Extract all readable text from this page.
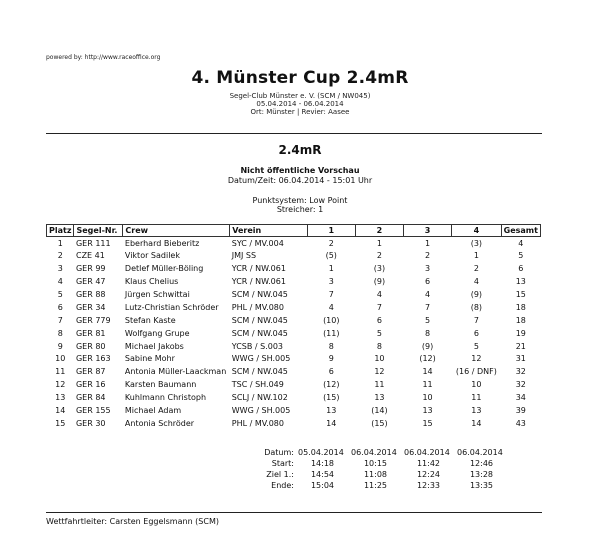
powered by: http://www.raceoffice.org
4. Münster Cup 2.4mR
Segel-Club Münster e. V. (SCM / NW045)
05.04.2014 - 06.04.2014
Ort: Münster | Revier: Aasee
2.4mR
Nicht öffentliche Vorschau
Datum/Zeit: 06.04.2014 - 15:01 Uhr
Punktsystem: Low Point
Streicher: 1
Platz	Segel-Nr.	Crew	Verein	1	2	3	4	Gesamt
1	GER 111	Eberhard Bieberitz	SYC / MV.004	2	1	1	(3)	4
2	CZE 41	Viktor Sadilek	JMJ SS	(5)	2	2	1	5
3	GER 99	Detlef Müller-Böling	YCR / NW.061	1	(3)	3	2	6
4	GER 47	Klaus Chelius	YCR / NW.061	3	(9)	6	4	13
5	GER 88	Jürgen Schwittai	SCM / NW.045	7	4	4	(9)	15
6	GER 34	Lutz-Christian Schröder	PHL / MV.080	4	7	7	(8)	18
7	GER 779	Stefan Kaste	SCM / NW.045	(10)	6	5	7	18
8	GER 81	Wolfgang Grupe	SCM / NW.045	(11)	5	8	6	19
9	GER 80	Michael Jakobs	YCSB / S.003	8	8	(9)	5	21
10	GER 163	Sabine Mohr	WWG / SH.005	9	10	(12)	12	31
11	GER 87	Antonia Müller-Laackman	SCM / NW.045	6	12	14	(16 / DNF)	32
12	GER 16	Karsten Baumann	TSC / SH.049	(12)	11	11	10	32
13	GER 84	Kuhlmann Christoph	SCLJ / NW.102	(15)	13	10	11	34
14	GER 155	Michael Adam	WWG / SH.005	13	(14)	13	13	39
15	GER 30	Antonia Schröder	PHL / MV.080	14	(15)	15	14	43
Datum:	05.04.2014	06.04.2014	06.04.2014	06.04.2014
Start:	14:18	10:15	11:42	12:46
Ziel 1.:	14:54	11:08	12:24	13:28
Ende:	15:04	11:25	12:33	13:35
Wettfahrtleiter: Carsten Eggelsmann (SCM)
